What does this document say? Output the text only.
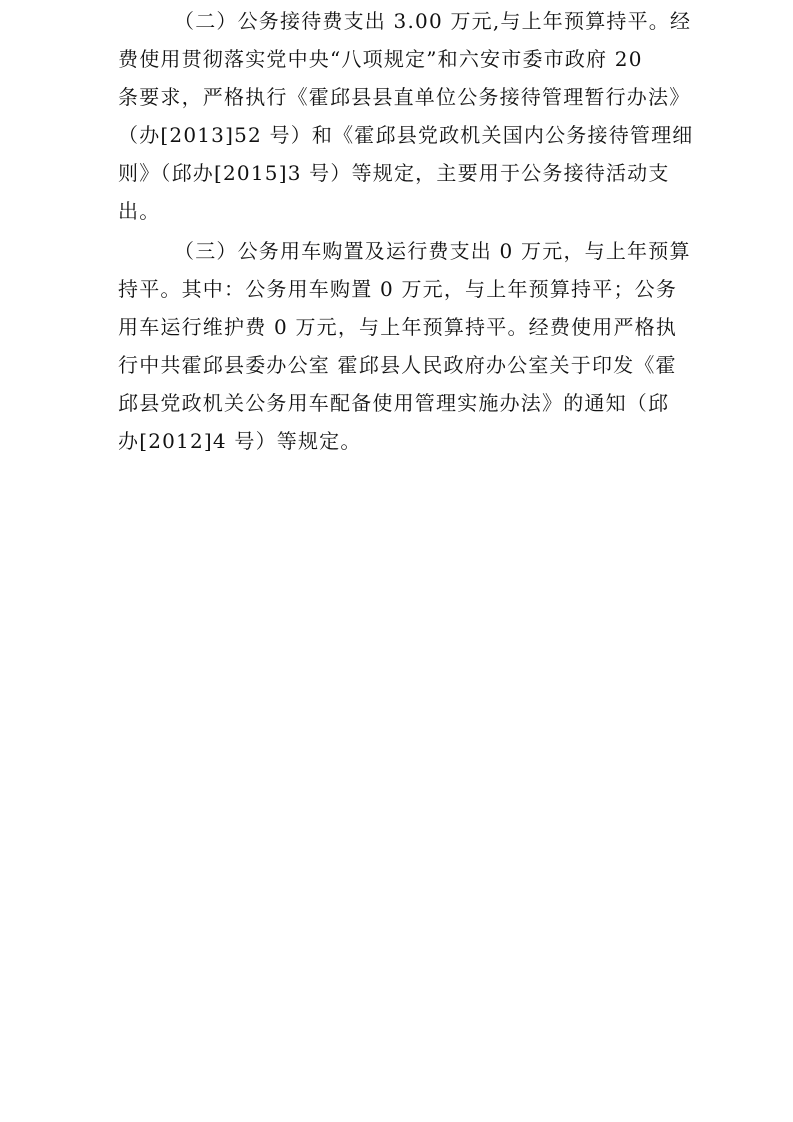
（二）公务接待费支出 3.00 万元,与上年预算持平。经
费使用贯彻落实党中央“八项规定”和六安市委市政府 20
条要求，严格执行《霍邱县县直单位公务接待管理暂行办法》
（办[2013]52 号）和《霍邱县党政机关国内公务接待管理细
则》（邱办[2015]3 号）等规定，主要用于公务接待活动支
出。

（三）公务用车购置及运行费支出 0 万元，与上年预算
持平。其中：公务用车购置 0 万元，与上年预算持平；公务
用车运行维护费 0 万元，与上年预算持平。经费使用严格执
行中共霍邱县委办公室 霍邱县人民政府办公室关于印发《霍
邱县党政机关公务用车配备使用管理实施办法》的通知（邱
办[2012]4 号）等规定。
